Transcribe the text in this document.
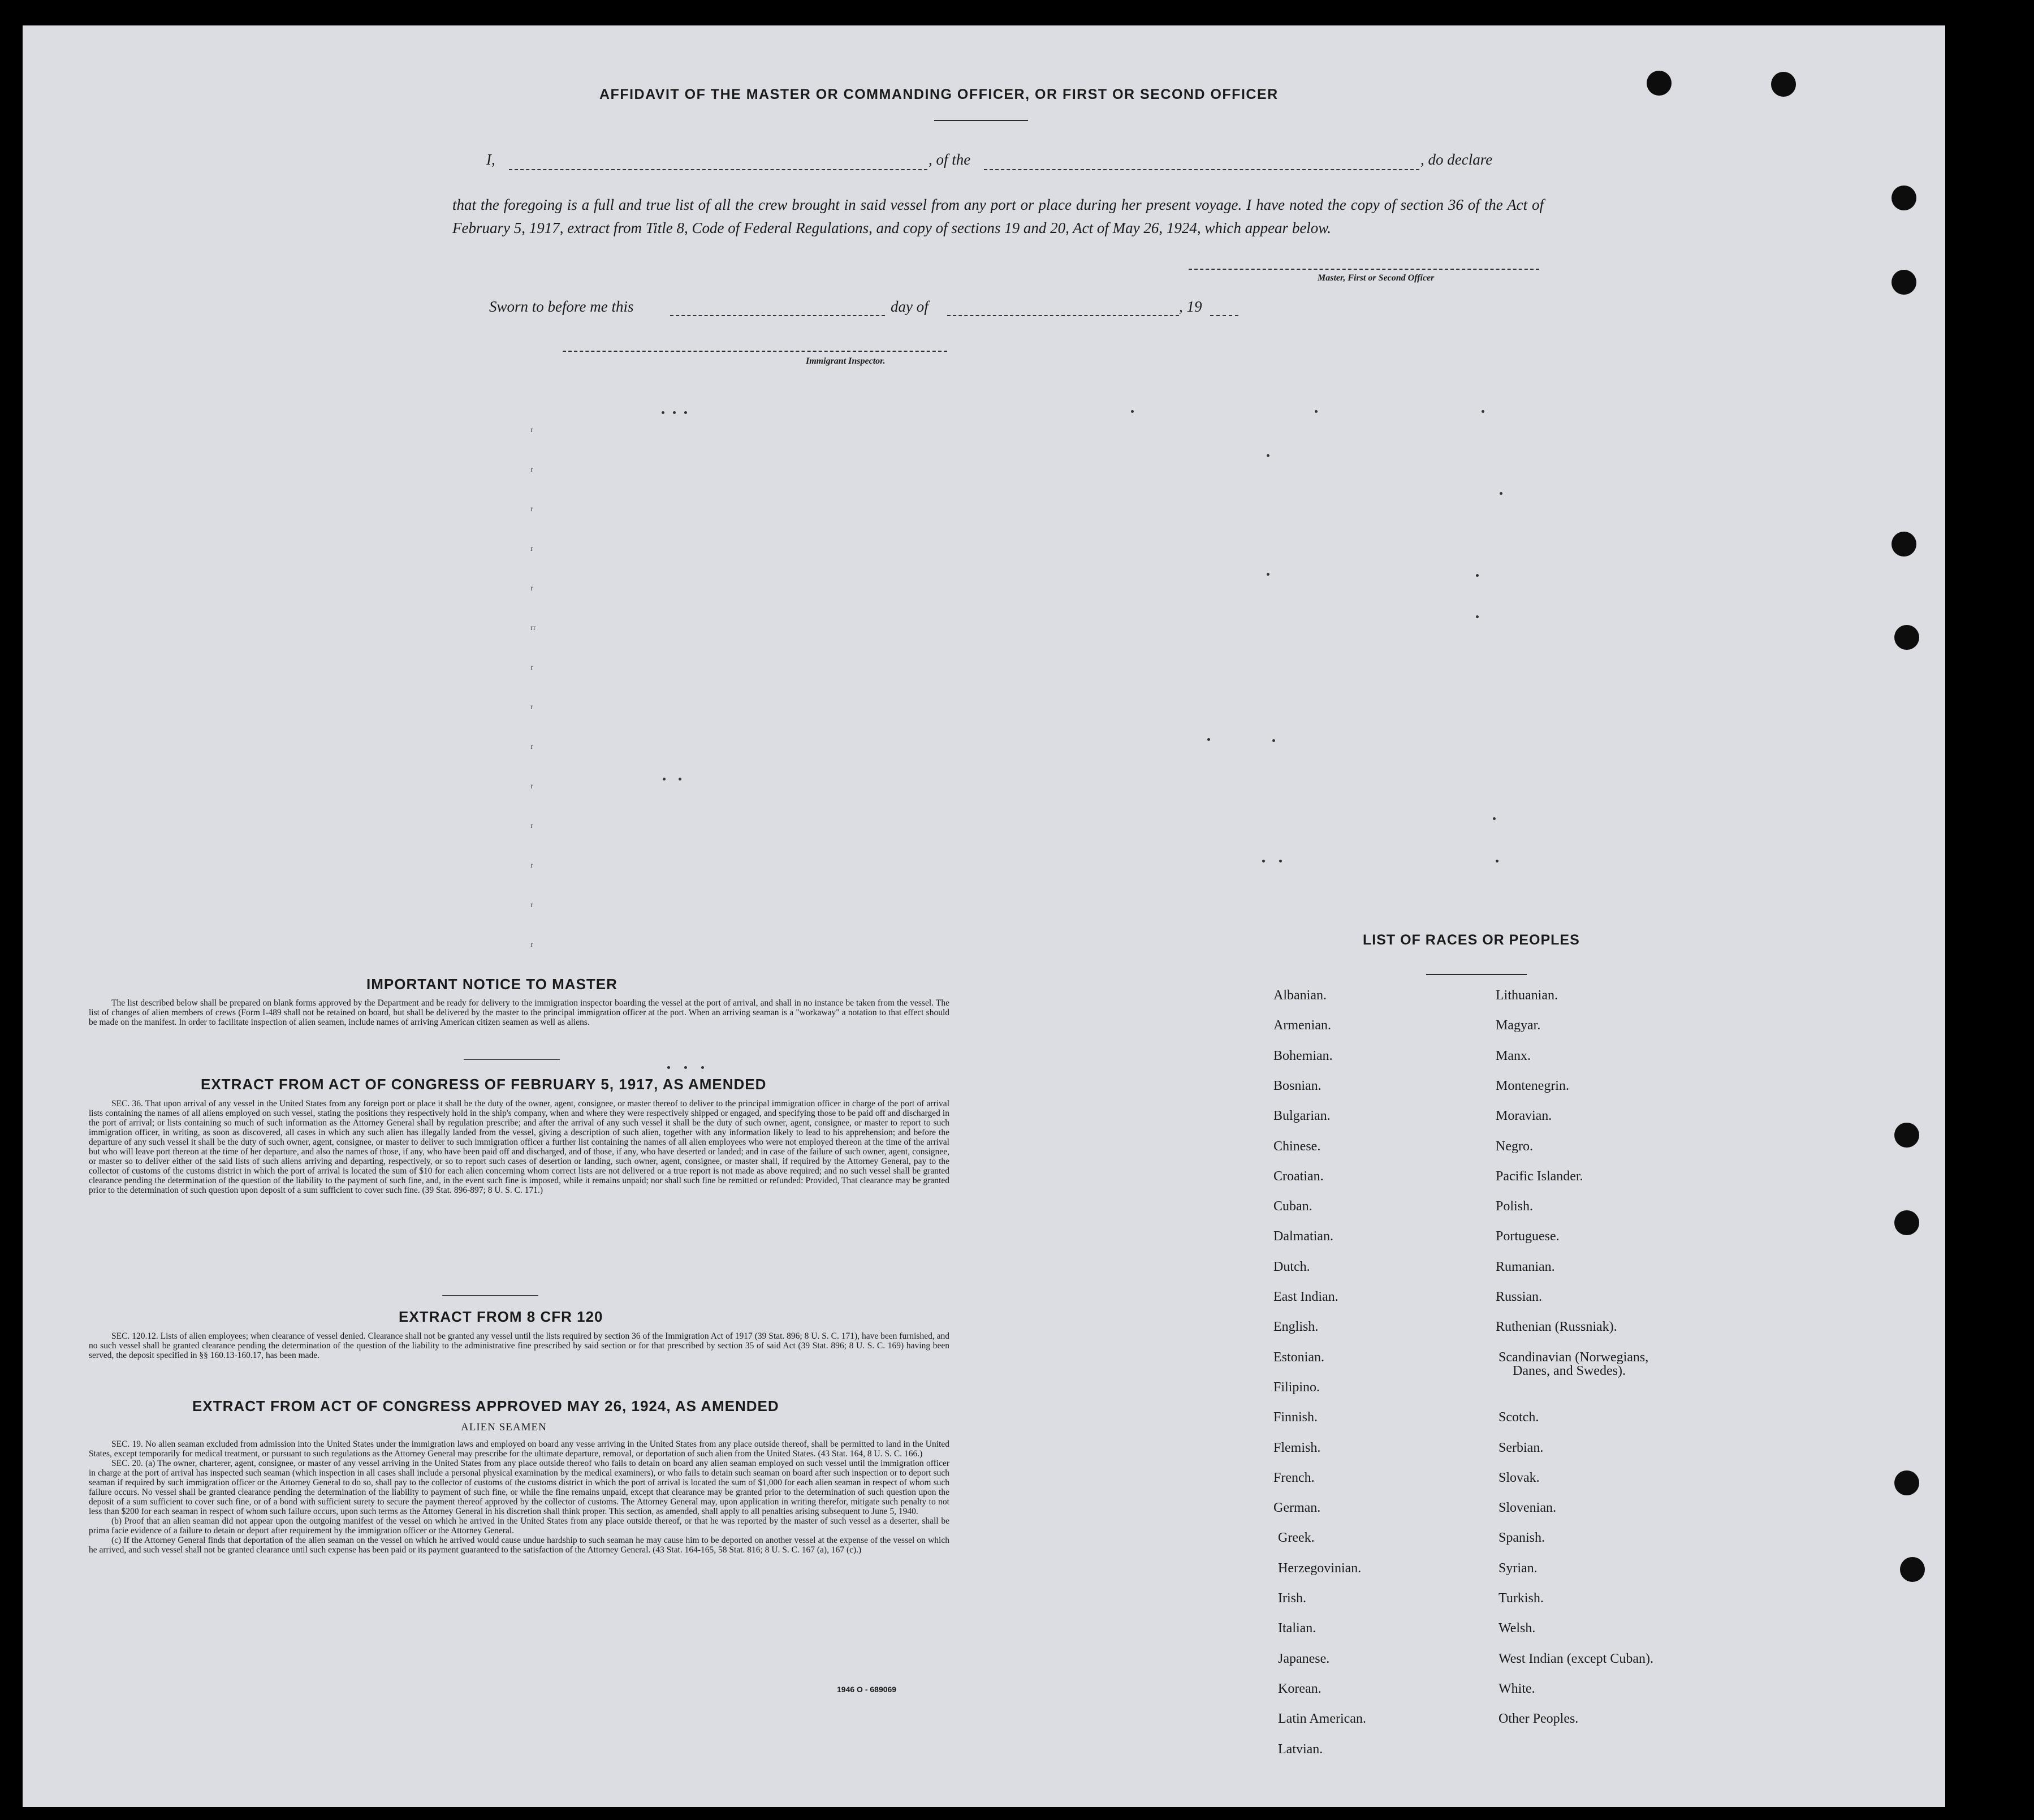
AFFIDAVIT OF THE MASTER OR COMMANDING OFFICER, OR FIRST OR SECOND OFFICER
I,	, of the	, do declare
that the foregoing is a full and true list of all the crew brought in said vessel from any port or place during her present voyage. I have noted the copy of section 36 of the Act of February 5, 1917, extract from Title 8, Code of Federal Regulations, and copy of sections 19 and 20, Act of May 26, 1924, which appear below.
Master, First or Second Officer
Sworn to before me this	day of	, 19
Immigrant Inspector.
ʳ
ʳ
ʳ
ʳ
ʳ
ʳʳ
ʳ
ʳ
ʳ
ʳ
ʳ
ʳ
ʳ
ʳ
IMPORTANT NOTICE TO MASTER

The list described below shall be prepared on blank forms approved by the Department and be ready for delivery to the immigration inspector boarding the vessel at the port of arrival, and shall in no instance be taken from the vessel. The list of changes of alien members of crews (Form I-489 shall not be retained on board, but shall be delivered by the master to the principal immigration officer at the port. When an arriving seaman is a "workaway" a notation to that effect should be made on the manifest. In order to facilitate inspection of alien seamen, include names of arriving American citizen seamen as well as aliens.

EXTRACT FROM ACT OF CONGRESS OF FEBRUARY 5, 1917, AS AMENDED

SEC. 36. That upon arrival of any vessel in the United States from any foreign port or place it shall be the duty of the owner, agent, consignee, or master thereof to deliver to the principal immigration officer in charge of the port of arrival lists containing the names of all aliens employed on such vessel, stating the positions they respectively hold in the ship's company, when and where they were respectively shipped or engaged, and specifying those to be paid off and discharged in the port of arrival; or lists containing so much of such information as the Attorney General shall by regulation prescribe; and after the arrival of any such vessel it shall be the duty of such owner, agent, consignee, or master to report to such immigration officer, in writing, as soon as discovered, all cases in which any such alien has illegally landed from the vessel, giving a description of such alien, together with any information likely to lead to his apprehension; and before the departure of any such vessel it shall be the duty of such owner, agent, consignee, or master to deliver to such immigration officer a further list containing the names of all alien employees who were not employed thereon at the time of the arrival but who will leave port thereon at the time of her departure, and also the names of those, if any, who have been paid off and discharged, and of those, if any, who have deserted or landed; and in case of the failure of such owner, agent, consignee, or master so to deliver either of the said lists of such aliens arriving and departing, respectively, or so to report such cases of desertion or landing, such owner, agent, consignee, or master shall, if required by the Attorney General, pay to the collector of customs of the customs district in which the port of arrival is located the sum of $10 for each alien concerning whom correct lists are not delivered or a true report is not made as above required; and no such vessel shall be granted clearance pending the determination of the question of the liability to the payment of such fine, and, in the event such fine is imposed, while it remains unpaid; nor shall such fine be remitted or refunded: Provided, That clearance may be granted prior to the determination of such question upon deposit of a sum sufficient to cover such fine. (39 Stat. 896-897; 8 U. S. C. 171.)

EXTRACT FROM 8 CFR 120

SEC. 120.12. Lists of alien employees; when clearance of vessel denied. Clearance shall not be granted any vessel until the lists required by section 36 of the Immigration Act of 1917 (39 Stat. 896; 8 U. S. C. 171), have been furnished, and no such vessel shall be granted clearance pending the determination of the question of the liability to the administrative fine prescribed by said section or for that prescribed by section 35 of said Act (39 Stat. 896; 8 U. S. C. 169) having been served, the deposit specified in §§ 160.13-160.17, has been made.

EXTRACT FROM ACT OF CONGRESS APPROVED MAY 26, 1924, AS AMENDED
ALIEN SEAMEN

SEC. 19. No alien seaman excluded from admission into the United States under the immigration laws and employed on board any vesse arriving in the United States from any place outside thereof, shall be permitted to land in the United States, except temporarily for medical treatment, or pursuant to such regulations as the Attorney General may prescribe for the ultimate departure, removal, or deportation of such alien from the United States. (43 Stat. 164, 8 U. S. C. 166.)

SEC. 20. (a) The owner, charterer, agent, consignee, or master of any vessel arriving in the United States from any place outside thereof who fails to detain on board any alien seaman employed on such vessel until the immigration officer in charge at the port of arrival has inspected such seaman (which inspection in all cases shall include a personal physical examination by the medical examiners), or who fails to detain such seaman on board after such inspection or to deport such seaman if required by such immigration officer or the Attorney General to do so, shall pay to the collector of customs of the customs district in which the port of arrival is located the sum of $1,000 for each alien seaman in respect of whom such failure occurs. No vessel shall be granted clearance pending the determination of the liability to payment of such fine, or while the fine remains unpaid, except that clearance may be granted prior to the determination of such question upon the deposit of a sum sufficient to cover such fine, or of a bond with sufficient surety to secure the payment thereof approved by the collector of customs. The Attorney General may, upon application in writing therefor, mitigate such penalty to not less than $200 for each seaman in respect of whom such failure occurs, upon such terms as the Attorney General in his discretion shall think proper. This section, as amended, shall apply to all penalties arising subsequent to June 5, 1940.

(b) Proof that an alien seaman did not appear upon the outgoing manifest of the vessel on which he arrived in the United States from any place outside thereof, or that he was reported by the master of such vessel as a deserter, shall be prima facie evidence of a failure to detain or deport after requirement by the immigration officer or the Attorney General.

(c) If the Attorney General finds that deportation of the alien seaman on the vessel on which he arrived would cause undue hardship to such seaman he may cause him to be deported on another vessel at the expense of the vessel on which he arrived, and such vessel shall not be granted clearance until such expense has been paid or its payment guaranteed to the satisfaction of the Attorney General. (43 Stat. 164-165, 58 Stat. 816; 8 U. S. C. 167 (a), 167 (c).)

1946 O - 689069
LIST OF RACES OR PEOPLES
Albanian.
Armenian.
Bohemian.
Bosnian.
Bulgarian.
Chinese.
Croatian.
Cuban.
Dalmatian.
Dutch.
East Indian.
English.
Estonian.
Filipino.
Finnish.
Flemish.
French.
German.
Greek.
Herzegovinian.
Irish.
Italian.
Japanese.
Korean.
Latin American.
Latvian.
Lithuanian.
Magyar.
Manx.
Montenegrin.
Moravian.
Negro.
Pacific Islander.
Polish.
Portuguese.
Rumanian.
Russian.
Ruthenian (Russniak).
Scandinavian (Norwegians,
Danes, and Swedes).
Scotch.
Serbian.
Slovak.
Slovenian.
Spanish.
Syrian.
Turkish.
Welsh.
West Indian (except Cuban).
White.
Other Peoples.
